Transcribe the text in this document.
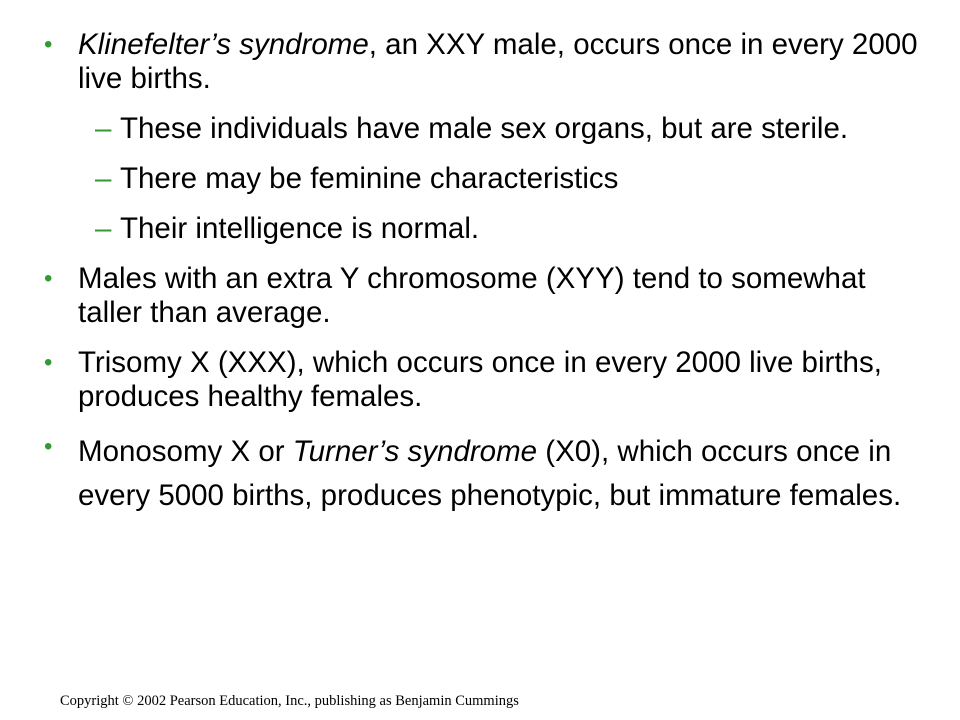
• Klinefelter’s syndrome, an XXY male, occurs once in every 2000 live births.
– These individuals have male sex organs, but are sterile.
– There may be feminine characteristics
– Their intelligence is normal.
• Males with an extra Y chromosome (XYY) tend to somewhat taller than average.
• Trisomy X (XXX), which occurs once in every 2000 live births, produces healthy females.
• Monosomy X or Turner’s syndrome (X0), which occurs once in every 5000 births, produces phenotypic, but immature females.
Copyright © 2002 Pearson Education, Inc., publishing as Benjamin Cummings
